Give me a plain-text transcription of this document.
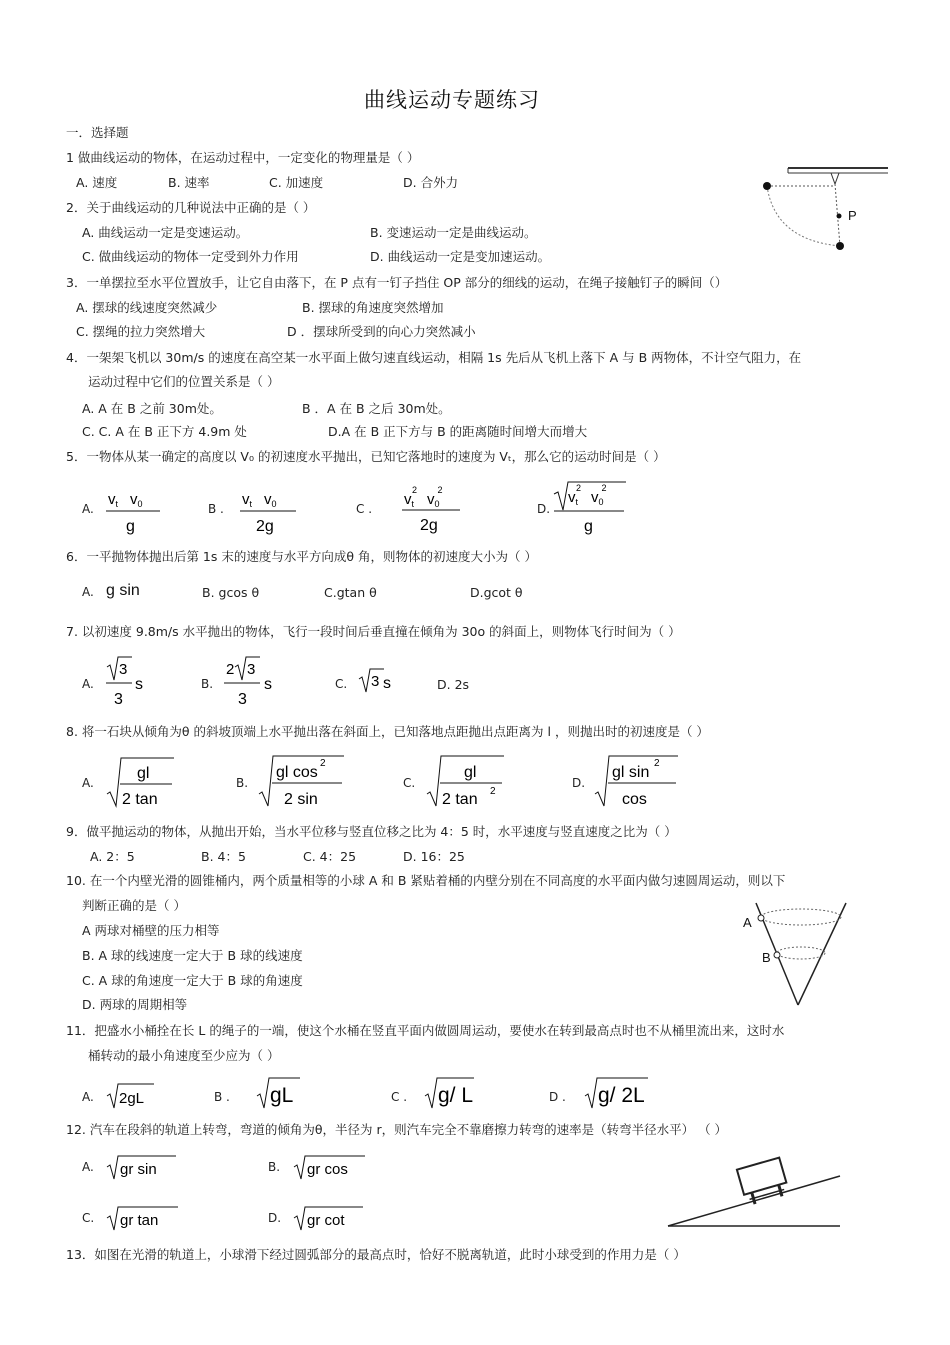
曲线运动专题练习
一．选择题
1 做曲线运动的物体，在运动过程中，一定变化的物理量是（ ）
A. 速度	B. 速率	C. 加速度	D. 合外力
P
2．关于曲线运动的几种说法中正确的是（ ）
A. 曲线运动一定是变速运动。	B. 变速运动一定是曲线运动。
C. 做曲线运动的物体一定受到外力作用	D. 曲线运动一定是变加速运动。
3．一单摆拉至水平位置放手，让它自由落下，在 P 点有一钉子挡住 OP 部分的细线的运动，在绳子接触钉子的瞬间（）
A. 摆球的线速度突然减少	B. 摆球的角速度突然增加
C. 摆绳的拉力突然增大	D ．摆球所受到的向心力突然减小
4．一架架飞机以 30m/s 的速度在高空某一水平面上做匀速直线运动，相隔 1s 先后从飞机上落下 A 与 B 两物体，不计空气阻力，在
运动过程中它们的位置关系是（ ）
A. A 在 B 之前 30m处。	B ．A 在 B 之后 30m处。
C. C. A 在 B 正下方 4.9m 处	D.A 在 B 正下方与 B 的距离随时间增大而增大
5．一物体从某一确定的高度以 V₀ 的初速度水平抛出，已知它落地时的速度为 Vₜ，那么它的运动时间是（ ）
A.
$v_t$ $v_0$
g
B .
$v_t$ $v_0$
2g
C .
$v_t2v_02$
2g
D.
$v_t2v_02$
g
6．一平抛物体抛出后第 1s 末的速度与水平方向成θ 角，则物体的初速度大小为（ ）
A. g sin	B. gcos θ	C.gtan θ	D.gcot θ
7. 以初速度 9.8m/s 水平抛出的物体，飞行一段时间后垂直撞在倾角为 30o 的斜面上，则物体飞行时间为（ ）
A.
3
3
s	B.
2 3
3
s	C. 3 s	D. 2s
8. 将一石块从倾角为θ 的斜坡顶端上水平抛出落在斜面上，已知落地点距抛出点距离为 l ，则抛出时的初速度是（ ）
A.
gl
2 tan
B.
gl cos
2
2 sin
C.
gl
2 tan 2
D.
gl sin
2
cos
9．做平抛运动的物体，从抛出开始，当水平位移与竖直位移之比为 4：5 时，水平速度与竖直速度之比为（ ）
A. 2：5	B. 4：5	C. 4：25	D. 16：25
10. 在一个内壁光滑的圆锥桶内，两个质量相等的小球 A 和 B 紧贴着桶的内壁分别在不同高度的水平面内做匀速圆周运动，则以下
判断正确的是（ ）
A 两球对桶壁的压力相等
B. A 球的线速度一定大于 B 球的线速度
C. A 球的角速度一定大于 B 球的角速度
D. 两球的周期相等
A
B
11．把盛水小桶拴在长 L 的绳子的一端，使这个水桶在竖直平面内做圆周运动，要使水在转到最高点时也不从桶里流出来，这时水
桶转动的最小角速度至少应为（ ）
A. 2gL	B . gL	C . g/ L	D . g/ 2L
12. 汽车在段斜的轨道上转弯，弯道的倾角为θ，半径为 r，则汽车完全不靠磨擦力转弯的速率是（转弯半径水平） （ ）
A. gr sin	B. gr cos
C. gr tan	D. gr cot
13．如图在光滑的轨道上，小球滑下经过圆弧部分的最高点时，恰好不脱离轨道，此时小球受到的作用力是（ ）
